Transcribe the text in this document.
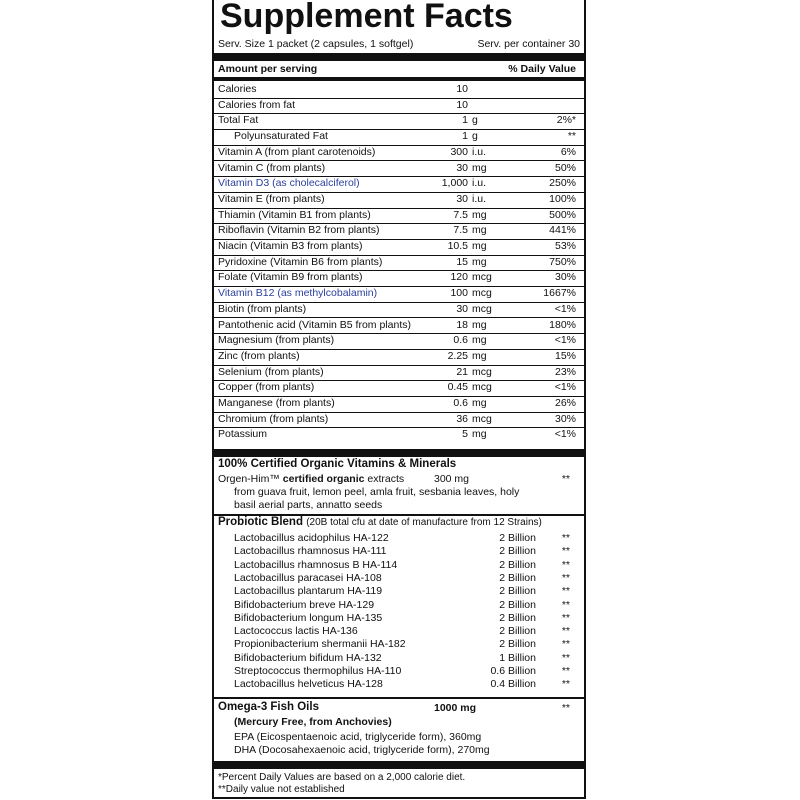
Supplement Facts
Serv. Size 1 packet (2 capsules, 1 softgel)	Serv. per container 30
Amount per serving	% Daily Value
Calories	10
Calories from fat	10
Total Fat	1 g	2%*
Polyunsaturated Fat	1 g	**
Vitamin A (from plant carotenoids)	300 i.u.	6%
Vitamin C (from plants)	30 mg	50%
Vitamin D3 (as cholecalciferol)	1,000 i.u.	250%
Vitamin E (from plants)	30 i.u.	100%
Thiamin (Vitamin B1 from plants)	7.5 mg	500%
Riboflavin (Vitamin B2 from plants)	7.5 mg	441%
Niacin (Vitamin B3 from plants)	10.5 mg	53%
Pyridoxine (Vitamin B6 from plants)	15 mg	750%
Folate (Vitamin B9 from plants)	120 mcg	30%
Vitamin B12 (as methylcobalamin)	100 mcg	1667%
Biotin (from plants)	30 mcg	<1%
Pantothenic acid (Vitamin B5 from plants)	18 mg	180%
Magnesium (from plants)	0.6 mg	<1%
Zinc (from plants)	2.25 mg	15%
Selenium (from plants)	21 mcg	23%
Copper (from plants)	0.45 mcg	<1%
Manganese (from plants)	0.6 mg	26%
Chromium (from plants)	36 mcg	30%
Potassium	5 mg	<1%
100% Certified Organic Vitamins & Minerals
Orgen-Him™ certified organic extracts	300 mg	**
from guava fruit, lemon peel, amla fruit, sesbania leaves, holy
basil aerial parts, annatto seeds
Probiotic Blend (20B total cfu at date of manufacture from 12 Strains)
Lactobacillus acidophilus HA-122	2 Billion **
Lactobacillus rhamnosus HA-111	2 Billion **
Lactobacillus rhamnosus B HA-114	2 Billion **
Lactobacillus paracasei HA-108	2 Billion **
Lactobacillus plantarum HA-119	2 Billion **
Bifidobacterium breve HA-129	2 Billion **
Bifidobacterium longum HA-135	2 Billion **
Lactococcus lactis HA-136	2 Billion **
Propionibacterium shermanii HA-182	2 Billion **
Bifidobacterium bifidum HA-132	1 Billion **
Streptococcus thermophilus HA-110	0.6 Billion **
Lactobacillus helveticus HA-128	0.4 Billion **
Omega-3 Fish Oils	1000 mg	**
(Mercury Free, from Anchovies)
EPA (Eicospentaenoic acid, triglyceride form), 360mg
DHA (Docosahexaenoic acid, triglyceride form), 270mg
*Percent Daily Values are based on a 2,000 calorie diet.
**Daily value not established
